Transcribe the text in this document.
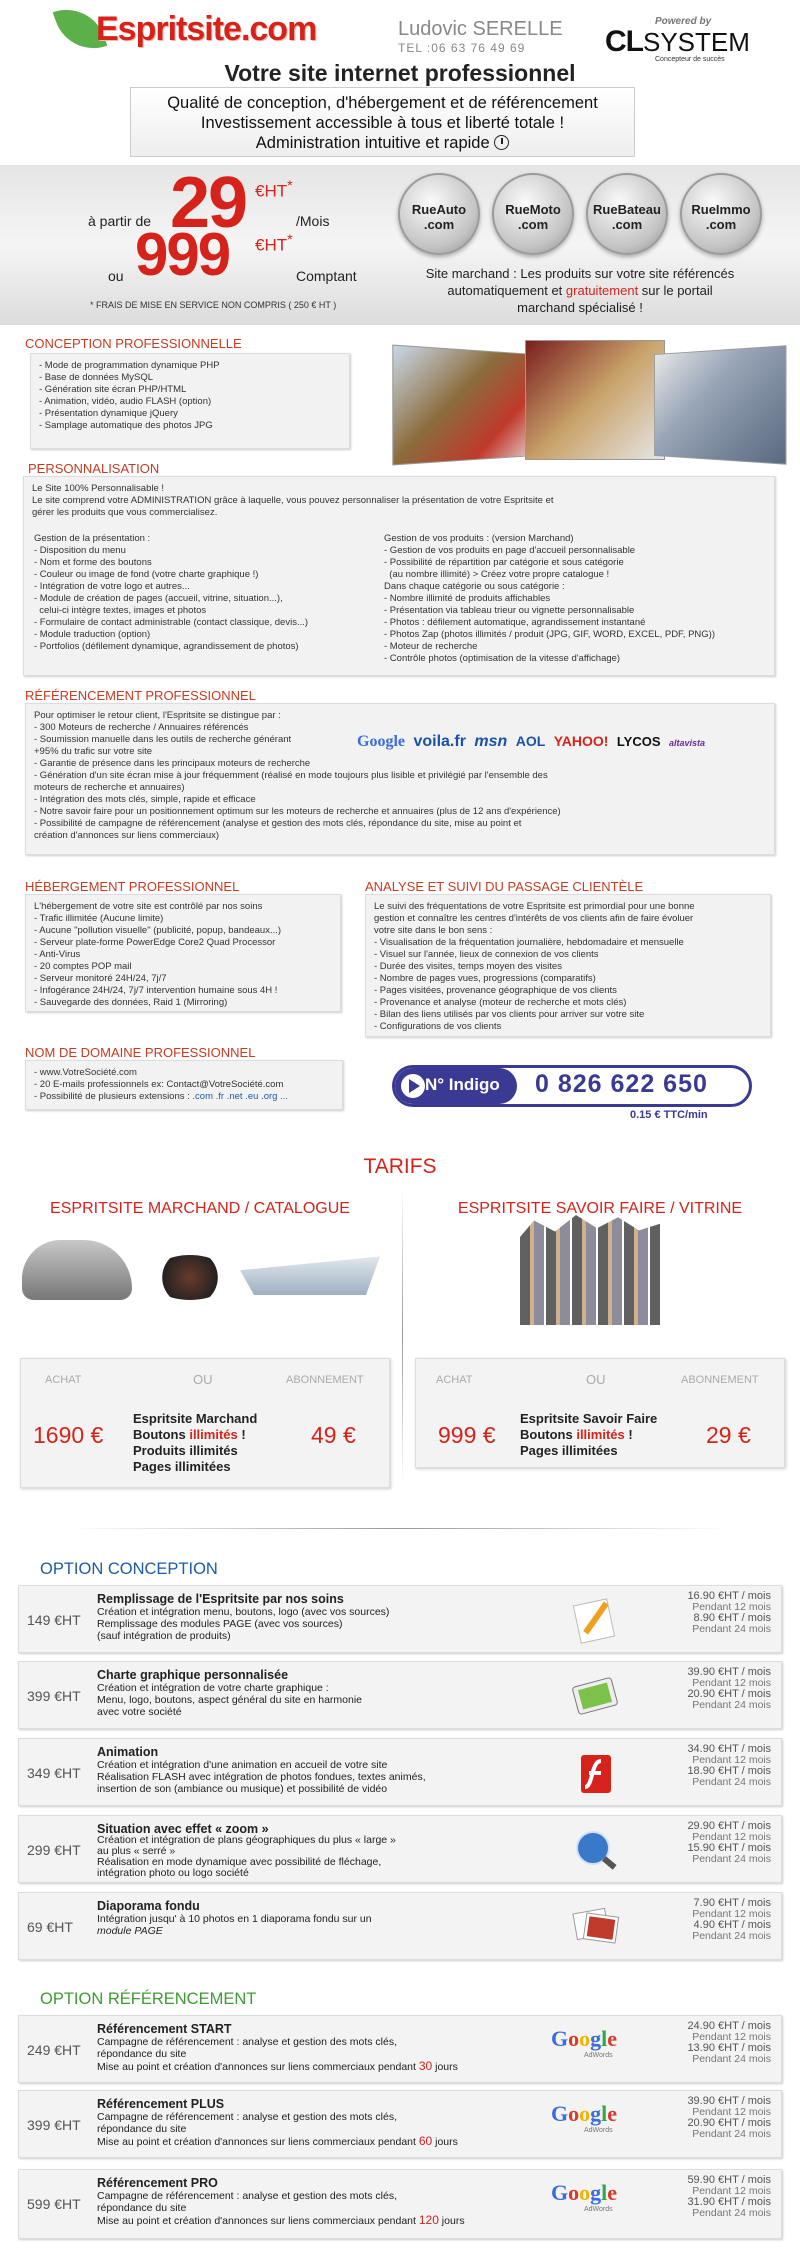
Espritsite.com	Ludovic SERELLE
TEL :06 63 76 49 69
Powered by
CLSYSTEM
Concepteur de succès
Votre site internet professionnel
Qualité de conception, d'hébergement et de référencement
Investissement accessible à tous et liberté totale !
Administration intuitive et rapide
à partir de 29 €HT*
/Mois
ou 999 €HT*
Comptant
* FRAIS DE MISE EN SERVICE NON COMPRIS ( 250 € HT )
RueAuto
.com
RueMoto
.com
RueBateau
.com
RueImmo
.com
Site marchand : Les produits sur votre site référencés
automatiquement et gratuitement sur le portail
marchand spécialisé !
CONCEPTION PROFESSIONNELLE
- Mode de programmation dynamique PHP
- Base de données MySQL
- Génération site écran PHP/HTML
- Animation, vidéo, audio FLASH (option)
- Présentation dynamique jQuery
- Samplage automatique des photos JPG
PERSONNALISATION
Le Site 100% Personnalisable !
Le site comprend votre ADMINISTRATION grâce à laquelle, vous pouvez personnaliser la présentation de votre Espritsite et
gérer les produits que vous commercialisez.
Gestion de la présentation :
- Disposition du menu
- Nom et forme des boutons
- Couleur ou image de fond (votre charte graphique !)
- Intégration de votre logo et autres...
- Module de création de pages (accueil, vitrine, situation...),
celui-ci intègre textes, images et photos
- Formulaire de contact administrable (contact classique, devis...)
- Module traduction (option)
- Portfolios (défilement dynamique, agrandissement de photos)
Gestion de vos produits : (version Marchand)
- Gestion de vos produits en page d'accueil personnalisable
- Possibilité de répartition par catégorie et sous catégorie
(au nombre illimité) > Créez votre propre catalogue !
Dans chaque catégorie ou sous catégorie :
- Nombre illimité de produits affichables
- Présentation via tableau trieur ou vignette personnalisable
- Photos : défilement automatique, agrandissement instantané
- Photos Zap (photos illimités / produit (JPG, GIF, WORD, EXCEL, PDF, PNG))
- Moteur de recherche
- Contrôle photos (optimisation de la vitesse d'affichage)
RÉFÉRENCEMENT PROFESSIONNEL
Pour optimiser le retour client, l'Espritsite se distingue par :
- 300 Moteurs de recherche / Annuaires référencés
- Soumission manuelle dans les outils de recherche générant
+95% du trafic sur votre site
- Garantie de présence dans les principaux moteurs de recherche
- Génération d'un site écran mise à jour fréquemment (réalisé en mode toujours plus lisible et privilégié par l'ensemble des
moteurs de recherche et annuaires)
- Intégration des mots clés, simple, rapide et efficace
- Notre savoir faire pour un positionnement optimum sur les moteurs de recherche et annuaires (plus de 12 ans d'expérience)
- Possibilité de campagne de référencement (analyse et gestion des mots clés, répondance du site, mise au point et
création d'annonces sur liens commerciaux)
Google voila.fr msn AOL YAHOO! LYCOS altavista
HÉBERGEMENT PROFESSIONNEL
L'hébergement de votre site est contrôlé par nos soins
- Trafic illimitée (Aucune limite)
- Aucune "pollution visuelle" (publicité, popup, bandeaux...)
- Serveur plate-forme PowerEdge Core2 Quad Processor
- Anti-Virus
- 20 comptes POP mail
- Serveur monitoré 24H/24, 7j/7
- Infogérance 24H/24, 7j/7 intervention humaine sous 4H !
- Sauvegarde des données, Raid 1 (Mirroring)
ANALYSE ET SUIVI DU PASSAGE CLIENTÈLE
Le suivi des fréquentations de votre Espritsite est primordial pour une bonne
gestion et connaître les centres d'intérêts de vos clients afin de faire évoluer
votre site dans le bon sens :
- Visualisation de la fréquentation journalière, hebdomadaire et mensuelle
- Visuel sur l'année, lieux de connexion de vos clients
- Durée des visites, temps moyen des visites
- Nombre de pages vues, progressions (comparatifs)
- Pages visitées, provenance géographique de vos clients
- Provenance et analyse (moteur de recherche et mots clés)
- Bilan des liens utilisés par vos clients pour arriver sur votre site
- Configurations de vos clients
NOM DE DOMAINE PROFESSIONNEL
- www.VotreSociété.com
- 20 E-mails professionnels ex: Contact@VotreSociété.com
- Possibilité de plusieurs extensions : .com .fr .net .eu .org ...
N° Indigo	0 826 622 650
0.15 € TTC/min
TARIFS
ESPRITSITE MARCHAND / CATALOGUE	ESPRITSITE SAVOIR FAIRE / VITRINE
ACHAT	OU	ABONNEMENT
1690 €	49 €
Espritsite Marchand
Boutons illimités !
Produits illimités
Pages illimitées
ACHAT	OU	ABONNEMENT
999 €	29 €
Espritsite Savoir Faire
Boutons illimités !
Pages illimitées
OPTION CONCEPTION
149 €HT
Remplissage de l'Espritsite par nos soins
Création et intégration menu, boutons, logo (avec vos sources)
Remplissage des modules PAGE (avec vos sources)
(sauf intégration de produits)
16.90 €HT / mois
Pendant 12 mois
8.90 €HT / mois
Pendant 24 mois
399 €HT
Charte graphique personnalisée
Création et intégration de votre charte graphique :
Menu, logo, boutons, aspect général du site en harmonie
avec votre société
39.90 €HT / mois
Pendant 12 mois
20.90 €HT / mois
Pendant 24 mois
349 €HT
Animation
Création et intégration d'une animation en accueil de votre site
Réalisation FLASH avec intégration de photos fondues, textes animés,
insertion de son (ambiance ou musique) et possibilité de vidéo
34.90 €HT / mois
Pendant 12 mois
18.90 €HT / mois
Pendant 24 mois
299 €HT
Situation avec effet « zoom »
Création et intégration de plans géographiques du plus « large »
au plus « serré »
Réalisation en mode dynamique avec possibilité de fléchage,
intégration photo ou logo société
29.90 €HT / mois
Pendant 12 mois
15.90 €HT / mois
Pendant 24 mois
69 €HT
Diaporama fondu
Intégration jusqu' à 10 photos en 1 diaporama fondu sur un
module PAGE
7.90 €HT / mois
Pendant 12 mois
4.90 €HT / mois
Pendant 24 mois
OPTION RÉFÉRENCEMENT
249 €HT
Référencement START
Campagne de référencement : analyse et gestion des mots clés,
répondance du site
Mise au point et création d'annonces sur liens commerciaux pendant 30 jours
Google
AdWords
24.90 €HT / mois
Pendant 12 mois
13.90 €HT / mois
Pendant 24 mois
399 €HT
Référencement PLUS
Campagne de référencement : analyse et gestion des mots clés,
répondance du site
Mise au point et création d'annonces sur liens commerciaux pendant 60 jours
Google
AdWords
39.90 €HT / mois
Pendant 12 mois
20.90 €HT / mois
Pendant 24 mois
599 €HT
Référencement PRO
Campagne de référencement : analyse et gestion des mots clés,
répondance du site
Mise au point et création d'annonces sur liens commerciaux pendant 120 jours
Google
AdWords
59.90 €HT / mois
Pendant 12 mois
31.90 €HT / mois
Pendant 24 mois
